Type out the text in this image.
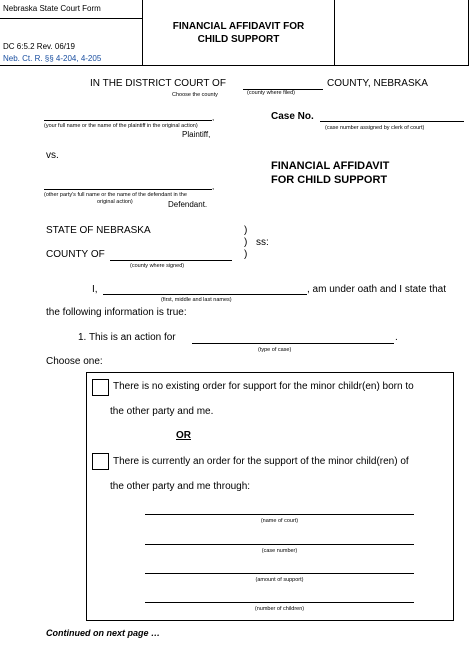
Nebraska State Court Form
DC 6:5.2 Rev. 06/19
Neb. Ct. R. §§ 4-204, 4-205
FINANCIAL AFFIDAVIT FOR
CHILD SUPPORT
IN THE DISTRICT COURT OF	COUNTY, NEBRASKA
Choose the county	(county where filed)
,
(your full name or the name of the plaintiff in the original action)
Plaintiff,
Case No.
(case number assigned by clerk of court)
vs.
FINANCIAL AFFIDAVIT
FOR CHILD SUPPORT
,
(other party's full name or the name of the defendant in the
original action)	Defendant.
STATE OF NEBRASKA	)
) ss:
)
COUNTY OF
(county where signed)
I,	, am under oath and I state that
(first, middle and last names)
the following information is true:
1. This is an action for	.
(type of case)
Choose one:
There is no existing order for support for the minor childr(en) born to
the other party and me.
OR
There is currently an order for the support of the minor child(ren) of
the other party and me through:
(name of court)
(case number)
(amount of support)
(number of children)
Continued on next page …
